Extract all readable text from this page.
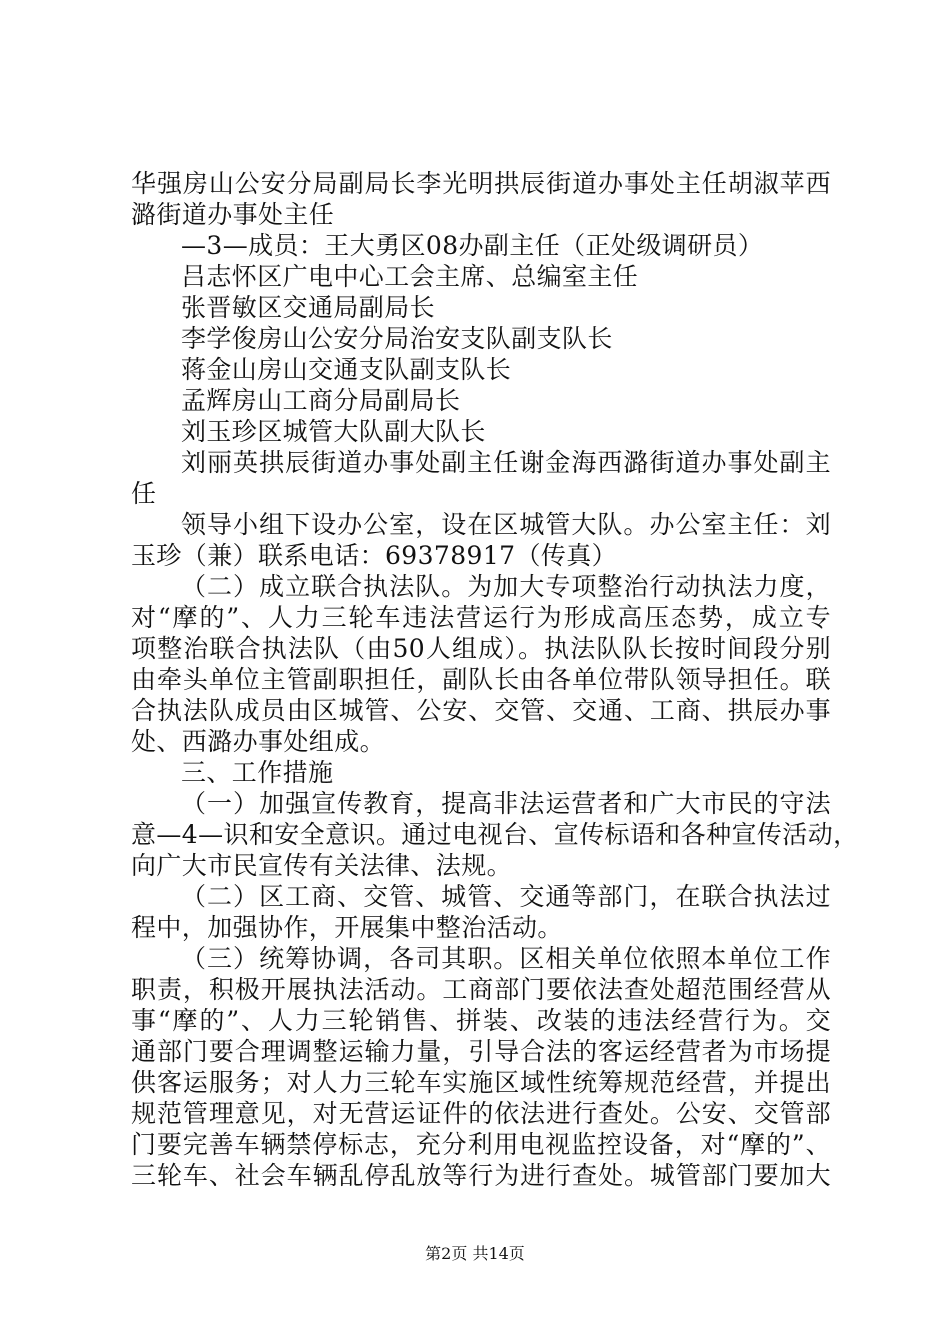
华强房山公安分局副局长李光明拱辰街道办事处主任胡淑苹西
潞街道办事处主任
—3—成员：王大勇区08办副主任（正处级调研员）
吕志怀区广电中心工会主席、总编室主任
张晋敏区交通局副局长
李学俊房山公安分局治安支队副支队长
蒋金山房山交通支队副支队长
孟辉房山工商分局副局长
刘玉珍区城管大队副大队长
刘丽英拱辰街道办事处副主任谢金海西潞街道办事处副主
任
领导小组下设办公室，设在区城管大队。办公室主任：刘
玉珍（兼）联系电话：69378917（传真）
（二）成立联合执法队。为加大专项整治行动执法力度，
对“摩的”、人力三轮车违法营运行为形成高压态势，成立专
项整治联合执法队（由50人组成）。执法队队长按时间段分别
由牵头单位主管副职担任，副队长由各单位带队领导担任。联
合执法队成员由区城管、公安、交管、交通、工商、拱辰办事
处、西潞办事处组成。
三、工作措施
（一）加强宣传教育，提高非法运营者和广大市民的守法
意—4—识和安全意识。通过电视台、宣传标语和各种宣传活动，
向广大市民宣传有关法律、法规。
（二）区工商、交管、城管、交通等部门，在联合执法过
程中，加强协作，开展集中整治活动。
（三）统筹协调，各司其职。区相关单位依照本单位工作
职责，积极开展执法活动。工商部门要依法查处超范围经营从
事“摩的”、人力三轮销售、拼装、改装的违法经营行为。交
通部门要合理调整运输力量，引导合法的客运经营者为市场提
供客运服务；对人力三轮车实施区域性统筹规范经营，并提出
规范管理意见，对无营运证件的依法进行查处。公安、交管部
门要完善车辆禁停标志，充分利用电视监控设备，对“摩的”、
三轮车、社会车辆乱停乱放等行为进行查处。城管部门要加大
第2页 共14页
